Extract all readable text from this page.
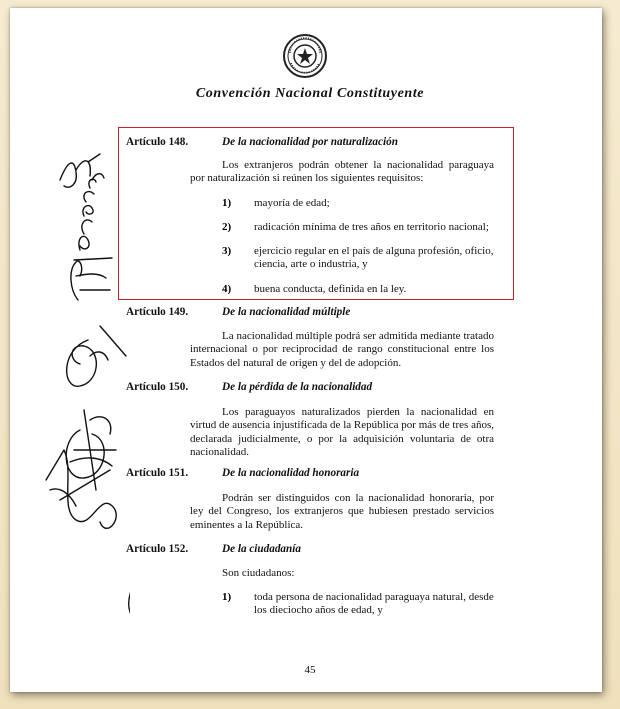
Convención Nacional Constituyente
Artículo 148.	De la nacionalidad por naturalización
Los extranjeros podrán obtener la nacionalidad paraguaya por naturalización si reúnen los siguientes requisitos:
1) mayoría de edad;
2) radicación mínima de tres años en territorio nacional;
3) ejercicio regular en el país de alguna profesión, oficio, ciencia, arte o industria, y
4) buena conducta, definida en la ley.
Artículo 149.	De la nacionalidad múltiple
La nacionalidad múltiple podrá ser admitida mediante tratado internacional o por reciprocidad de rango constitucional entre los Estados del natural de origen y del de adopción.
Artículo 150.	De la pérdida de la nacionalidad
Los paraguayos naturalizados pierden la nacionalidad en virtud de ausencia injustificada de la República por más de tres años, declarada judicialmente, o por la adquisición voluntaria de otra nacionalidad.
Artículo 151.	De la nacionalidad honoraria
Podrán ser distinguidos con la nacionalidad honoraria, por ley del Congreso, los extranjeros que hubiesen prestado servicios eminentes a la República.
Artículo 152.	De la ciudadanía
Son ciudadanos:
1) toda persona de nacionalidad paraguaya natural, desde los dieciocho años de edad, y
45
